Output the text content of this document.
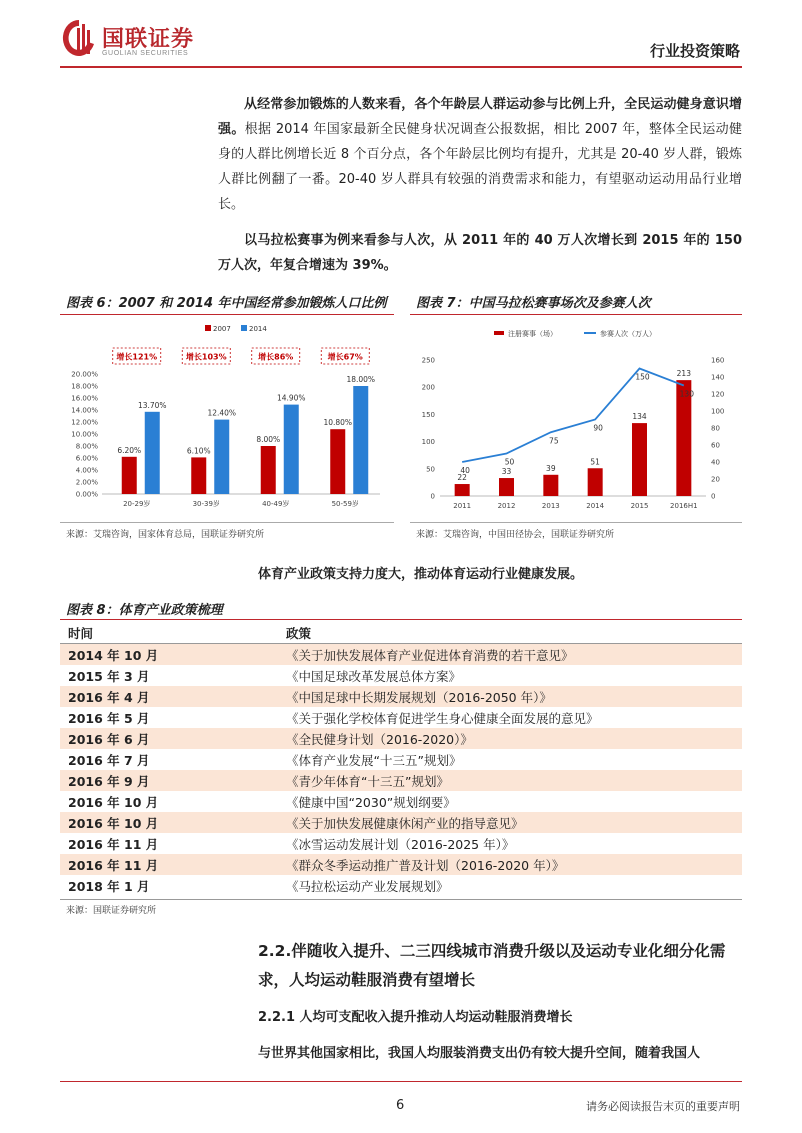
国联证券
GUOLIAN SECURITIES	行业投资策略

从经常参加锻炼的人数来看，各个年龄层人群运动参与比例上升，全民运动健身意识增强。根据 2014 年国家最新全民健身状况调查公报数据，相比 2007 年，整体全民运动健身的人群比例增长近 8 个百分点，各个年龄层比例均有提升，尤其是 20-40 岁人群，锻炼人群比例翻了一番。20-40 岁人群具有较强的消费需求和能力，有望驱动运动用品行业增长。

以马拉松赛事为例来看参与人次，从 2011 年的 40 万人次增长到 2015 年的 150 万人次，年复合增速为 39%。

图表 6：2007 和 2014 年中国经常参加锻炼人口比例
2007	2014
0.00%
2.00%
4.00%
6.00%
8.00%
10.00%
12.00%
14.00%
16.00%
18.00%
20.00%
6.20%
13.70%
20-29岁
增长121%
6.10%
12.40%
30-39岁
增长103%
8.00%
14.90%
40-49岁
增长86%
10.80%
18.00%
50-59岁
增长67%
来源：艾瑞咨询，国家体育总局，国联证券研究所
图表 7：中国马拉松赛事场次及参赛人次
注册赛事（场）	参赛人次（万人）
0
50
100
150
200
250
0
20
40
60
80
100
120
140
160
22
2011
33
2012
39
2013
51
2014
134
2015
213
2016H1
40
50
75
90
150
130
来源：艾瑞咨询，中国田径协会，国联证券研究所
体育产业政策支持力度大，推动体育运动行业健康发展。
图表 8：体育产业政策梳理
时间	政策
2014 年 10 月	《关于加快发展体育产业促进体育消费的若干意见》
2015 年 3 月	《中国足球改革发展总体方案》
2016 年 4 月	《中国足球中长期发展规划（2016-2050 年）》
2016 年 5 月	《关于强化学校体育促进学生身心健康全面发展的意见》
2016 年 6 月	《全民健身计划（2016-2020）》
2016 年 7 月	《体育产业发展“十三五”规划》
2016 年 9 月	《青少年体育“十三五”规划》
2016 年 10 月	《健康中国“2030”规划纲要》
2016 年 10 月	《关于加快发展健康休闲产业的指导意见》
2016 年 11 月	《冰雪运动发展计划（2016-2025 年）》
2016 年 11 月	《群众冬季运动推广普及计划（2016-2020 年）》
2018 年 1 月	《马拉松运动产业发展规划》
来源：国联证券研究所
2.2.伴随收入提升、二三四线城市消费升级以及运动专业化细分化需求，人均运动鞋服消费有望增长
2.2.1 人均可支配收入提升推动人均运动鞋服消费增长
与世界其他国家相比，我国人均服装消费支出仍有较大提升空间，随着我国人
6	请务必阅读报告末页的重要声明
